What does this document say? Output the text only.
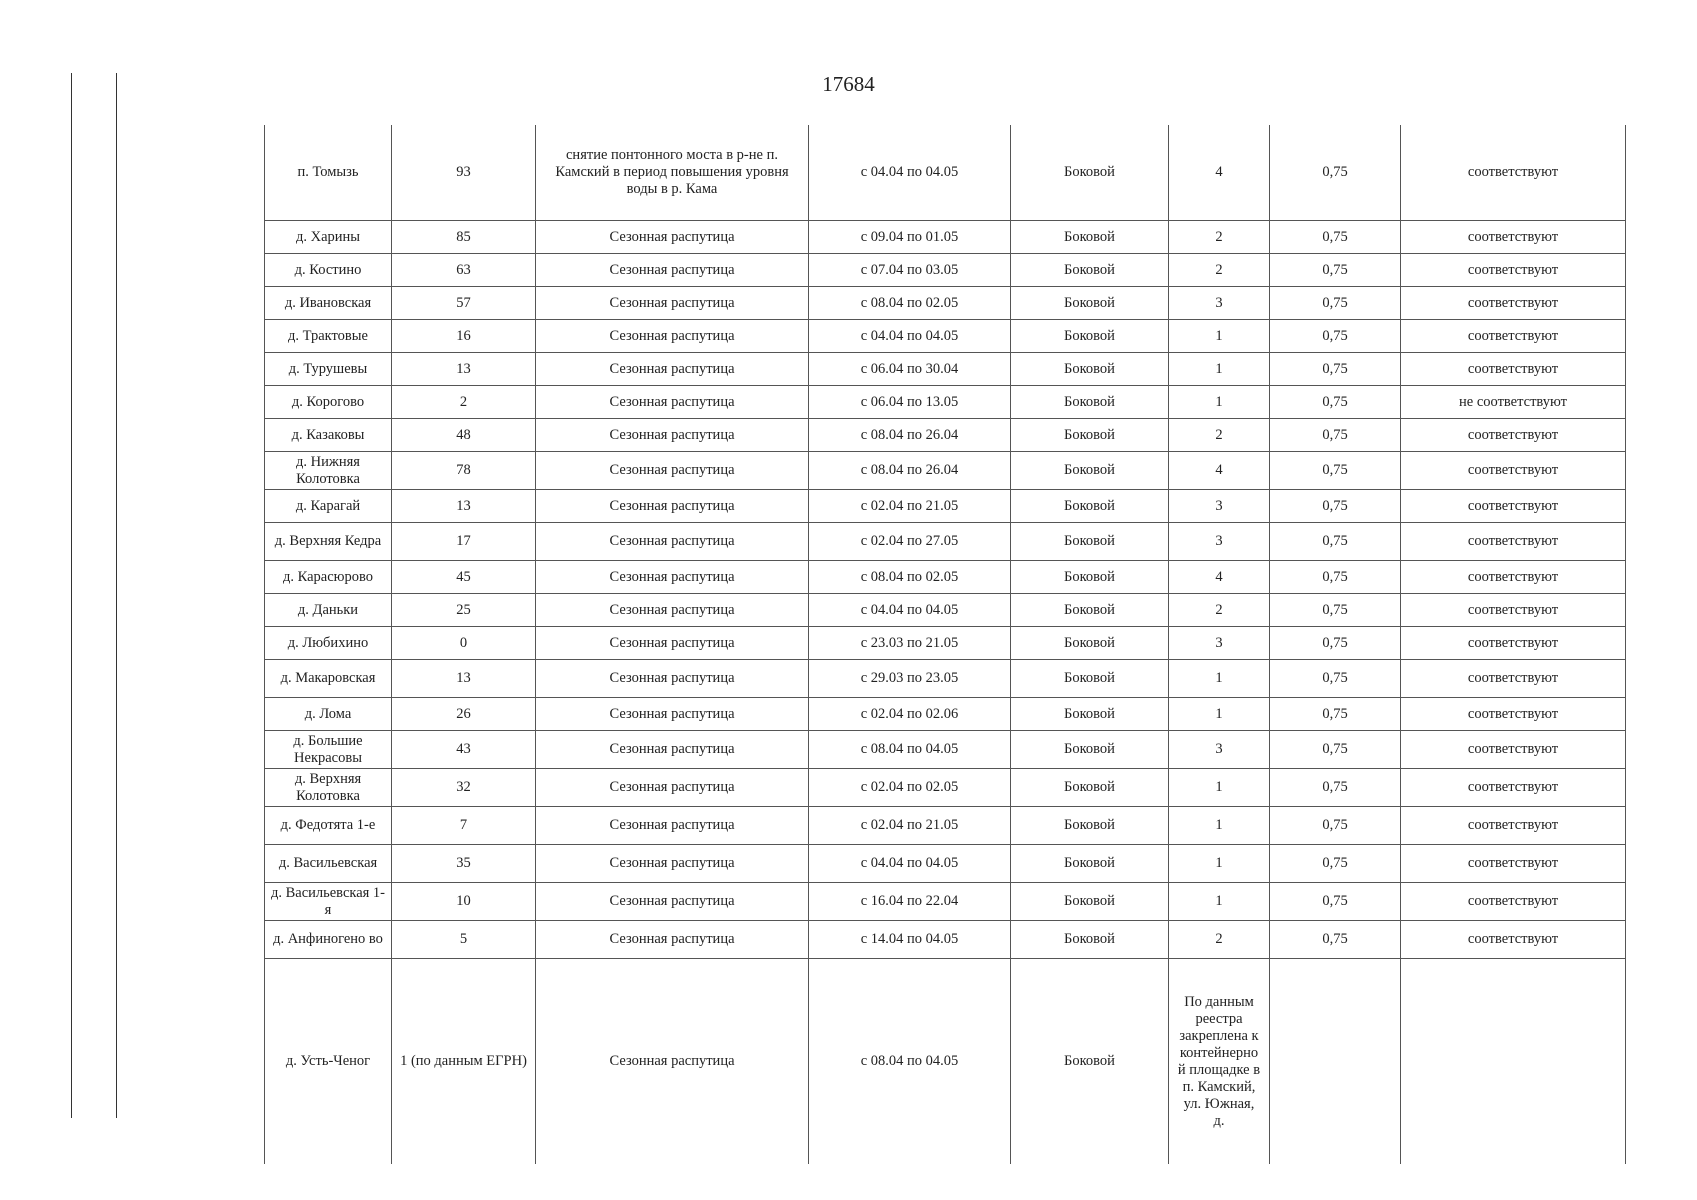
17684
п. Томызь	93	снятие понтонного моста в р-не п. Камский в период повышения уровня воды в р. Кама	с 04.04 по 04.05	Боковой	4	0,75	соответствуют
д. Харины	85	Сезонная распутица	с 09.04 по 01.05	Боковой	2	0,75	соответствуют
д. Костино	63	Сезонная распутица	с 07.04 по 03.05	Боковой	2	0,75	соответствуют
д. Ивановская	57	Сезонная распутица	с 08.04 по 02.05	Боковой	3	0,75	соответствуют
д. Трактовые	16	Сезонная распутица	с 04.04 по 04.05	Боковой	1	0,75	соответствуют
д. Турушевы	13	Сезонная распутица	с 06.04 по 30.04	Боковой	1	0,75	соответствуют
д. Корогово	2	Сезонная распутица	с 06.04 по 13.05	Боковой	1	0,75	не соответствуют
д. Казаковы	48	Сезонная распутица	с 08.04 по 26.04	Боковой	2	0,75	соответствуют
д. Нижняя Колотовка	78	Сезонная распутица	с 08.04 по 26.04	Боковой	4	0,75	соответствуют
д. Карагай	13	Сезонная распутица	с 02.04 по 21.05	Боковой	3	0,75	соответствуют
д. Верхняя Кедра	17	Сезонная распутица	с 02.04 по 27.05	Боковой	3	0,75	соответствуют
д. Карасюрово	45	Сезонная распутица	с 08.04 по 02.05	Боковой	4	0,75	соответствуют
д. Даньки	25	Сезонная распутица	с 04.04 по 04.05	Боковой	2	0,75	соответствуют
д. Любихино	0	Сезонная распутица	с 23.03 по 21.05	Боковой	3	0,75	соответствуют
д. Макаровская	13	Сезонная распутица	с 29.03 по 23.05	Боковой	1	0,75	соответствуют
д. Лома	26	Сезонная распутица	с 02.04 по 02.06	Боковой	1	0,75	соответствуют
д. Большие Некрасовы	43	Сезонная распутица	с 08.04 по 04.05	Боковой	3	0,75	соответствуют
д. Верхняя Колотовка	32	Сезонная распутица	с 02.04 по 02.05	Боковой	1	0,75	соответствуют
д. Федотята 1-е	7	Сезонная распутица	с 02.04 по 21.05	Боковой	1	0,75	соответствуют
д. Васильевская	35	Сезонная распутица	с 04.04 по 04.05	Боковой	1	0,75	соответствуют
д. Васильевская 1-я	10	Сезонная распутица	с 16.04 по 22.04	Боковой	1	0,75	соответствуют
д. Анфиногено во	5	Сезонная распутица	с 14.04 по 04.05	Боковой	2	0,75	соответствуют
д. Усть-Ченог	1 (по данным ЕГРН)	Сезонная распутица	с 08.04 по 04.05	Боковой	По данным реестра закреплена к контейнерной площадке в п. Камский, ул. Южная, д.		
